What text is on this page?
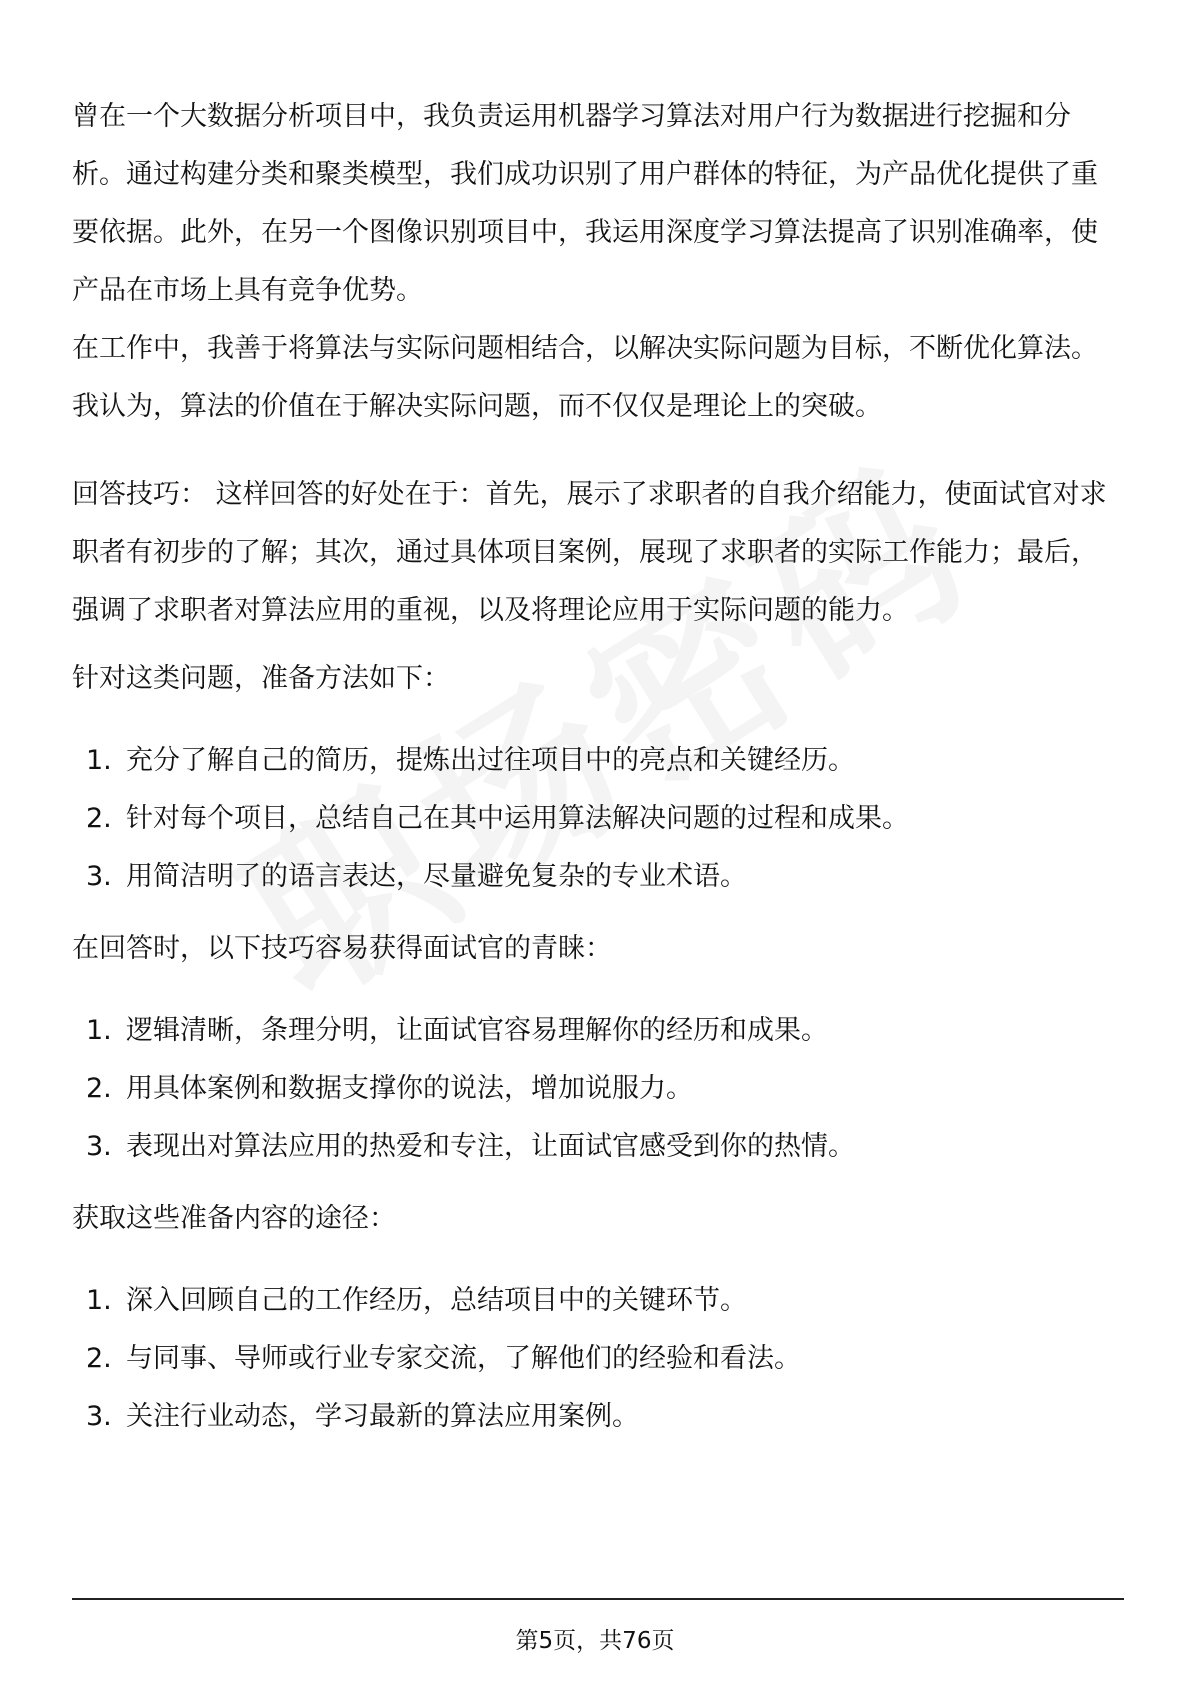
曾在一个大数据分析项目中，我负责运用机器学习算法对用户行为数据进行挖掘和分析。通过构建分类和聚类模型，我们成功识别了用户群体的特征，为产品优化提供了重要依据。此外，在另一个图像识别项目中，我运用深度学习算法提高了识别准确率，使产品在市场上具有竞争优势。

在工作中，我善于将算法与实际问题相结合，以解决实际问题为目标，不断优化算法。我认为，算法的价值在于解决实际问题，而不仅仅是理论上的突破。

回答技巧： 这样回答的好处在于：首先，展示了求职者的自我介绍能力，使面试官对求职者有初步的了解；其次，通过具体项目案例，展现了求职者的实际工作能力；最后，强调了求职者对算法应用的重视，以及将理论应用于实际问题的能力。

针对这类问题，准备方法如下：

1. 充分了解自己的简历，提炼出过往项目中的亮点和关键经历。
2. 针对每个项目，总结自己在其中运用算法解决问题的过程和成果。
3. 用简洁明了的语言表达，尽量避免复杂的专业术语。

在回答时，以下技巧容易获得面试官的青睐：

1. 逻辑清晰，条理分明，让面试官容易理解你的经历和成果。
2. 用具体案例和数据支撑你的说法，增加说服力。
3. 表现出对算法应用的热爱和专注，让面试官感受到你的热情。

获取这些准备内容的途径：

1. 深入回顾自己的工作经历，总结项目中的关键环节。
2. 与同事、导师或行业专家交流，了解他们的经验和看法。
3. 关注行业动态，学习最新的算法应用案例。
第5页，共76页
